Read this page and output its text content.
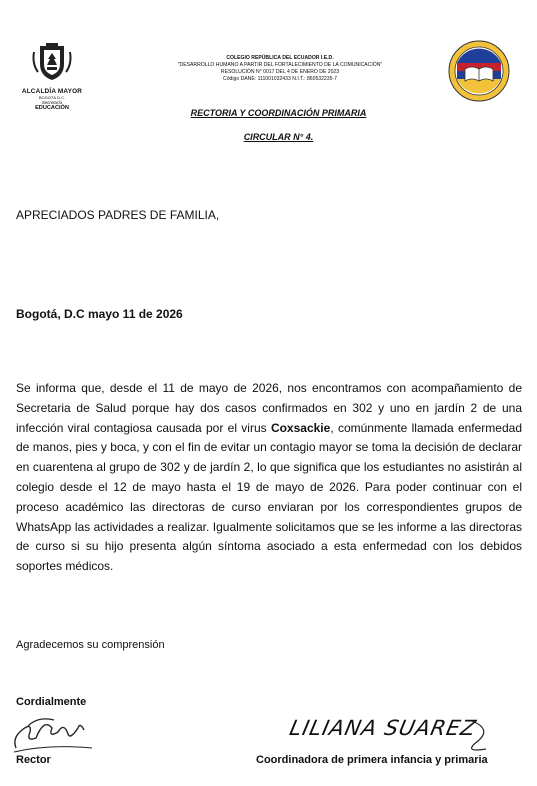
ALCALDÍA MAYOR
BOGOTÁ D.C.
Secretaría
EDUCACIÓN
COLEGIO REPÚBLICA DEL ECUADOR I.E.D.
"DESARROLLO HUMANO A PARTIR DEL FORTALECIMIENTO DE LA COMUNICACIÓN"
RESOLUCIÓN N° 0017 DEL 4 DE ENERO DE 2023
Código DANE: 111001032433 N.I.T.: 860532235-7
RECTORIA Y COORDINACIÓN PRIMARIA
CIRCULAR N° 4.
APRECIADOS PADRES DE FAMILIA,
Bogotá, D.C mayo 11 de 2026
Se informa que, desde el 11 de mayo de 2026, nos encontramos con acompañamiento de Secretaria de Salud porque hay dos casos confirmados en 302 y uno en jardín 2 de una infección viral contagiosa causada por el virus Coxsackie, comúnmente llamada enfermedad de manos, pies y boca, y con el fin de evitar un contagio mayor se toma la decisión de declarar en cuarentena al grupo de 302 y de jardín 2, lo que significa que los estudiantes no asistirán al colegio desde el 12 de mayo hasta el 19 de mayo de 2026. Para poder continuar con el proceso académico las directoras de curso enviaran por los correspondientes grupos de WhatsApp las actividades a realizar. Igualmente solicitamos que se les informe a las directoras de curso si su hijo presenta algún síntoma asociado a esta enfermedad con los debidos soportes médicos.
Agradecemos su comprensión
Cordialmente
Rector
LILIANA SUAREZ
Coordinadora de primera infancia y primaria
